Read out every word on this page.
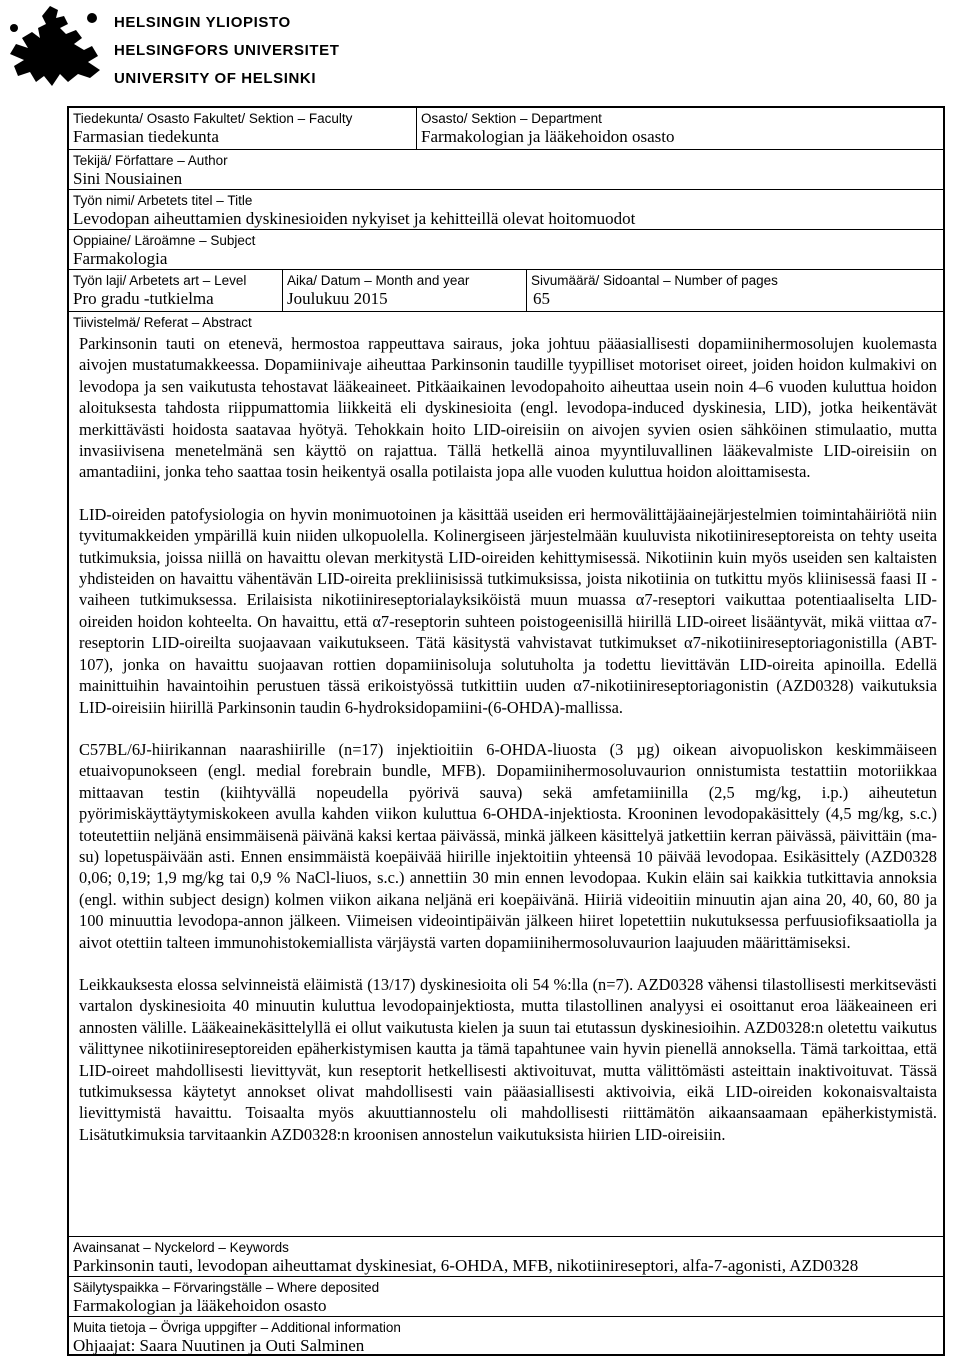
HELSINGIN YLIOPISTO
HELSINGFORS UNIVERSITET
UNIVERSITY OF HELSINKI
Tiedekunta/ Osasto Fakultet/ Sektion – Faculty
Farmasian tiedekunta
Osasto/ Sektion – Department
Farmakologian ja lääkehoidon osasto
Tekijä/ Författare – Author
Sini Nousiainen
Työn nimi/ Arbetets titel – Title
Levodopan aiheuttamien dyskinesioiden nykyiset ja kehitteillä olevat hoitomuodot
Oppiaine/ Läroämne – Subject
Farmakologia
Työn laji/ Arbetets art – Level
Pro gradu -tutkielma
Aika/ Datum – Month and year
Joulukuu 2015
Sivumäärä/ Sidoantal – Number of pages
65
Tiivistelmä/ Referat – Abstract

Parkinsonin tauti on etenevä, hermostoa rappeuttava sairaus, joka johtuu pääasiallisesti dopamiinihermosolujen kuolemasta aivojen mustatumakkeessa. Dopamiinivaje aiheuttaa Parkinsonin taudille tyypilliset motoriset oireet, joiden hoidon kulmakivi on levodopa ja sen vaikutusta tehostavat lääkeaineet. Pitkäaikainen levodopahoito aiheuttaa usein noin 4–6 vuoden kuluttua hoidon aloituksesta tahdosta riippumattomia liikkeitä eli dyskinesioita (engl. levodopa-induced dyskinesia, LID), jotka heikentävät merkittävästi hoidosta saatavaa hyötyä. Tehokkain hoito LID-oireisiin on aivojen syvien osien sähköinen stimulaatio, mutta invasiivisena menetelmänä sen käyttö on rajattua. Tällä hetkellä ainoa myyntiluvallinen lääkevalmiste LID-oireisiin on amantadiini, jonka teho saattaa tosin heikentyä osalla potilaista jopa alle vuoden kuluttua hoidon aloittamisesta.

LID-oireiden patofysiologia on hyvin monimuotoinen ja käsittää useiden eri hermovälittäjäainejärjestelmien toimintahäiriötä niin tyvitumakkeiden ympärillä kuin niiden ulkopuolella. Kolinergiseen järjestelmään kuuluvista nikotiinireseptoreista on tehty useita tutkimuksia, joissa niillä on havaittu olevan merkitystä LID-oireiden kehittymisessä. Nikotiinin kuin myös useiden sen kaltaisten yhdisteiden on havaittu vähentävän LID-oireita prekliinisissä tutkimuksissa, joista nikotiinia on tutkittu myös kliinisessä faasi II -vaiheen tutkimuksessa. Erilaisista nikotiinireseptorialayksiköistä muun muassa α7-reseptori vaikuttaa potentiaaliselta LID-oireiden hoidon kohteelta. On havaittu, että α7-reseptorin suhteen poistogeenisillä hiirillä LID-oireet lisääntyvät, mikä viittaa α7-reseptorin LID-oireilta suojaavaan vaikutukseen. Tätä käsitystä vahvistavat tutkimukset α7-nikotiinireseptoriagonistilla (ABT-107), jonka on havaittu suojaavan rottien dopamiinisoluja solutuholta ja todettu lievittävän LID-oireita apinoilla. Edellä mainittuihin havaintoihin perustuen tässä erikoistyössä tutkittiin uuden α7-nikotiinireseptoriagonistin (AZD0328) vaikutuksia LID-oireisiin hiirillä Parkinsonin taudin 6-hydroksidopamiini-(6-OHDA)-mallissa.

C57BL/6J-hiirikannan naarashiirille (n=17) injektioitiin 6-OHDA-liuosta (3 µg) oikean aivopuoliskon keskimmäiseen etuaivopunokseen (engl. medial forebrain bundle, MFB). Dopamiinihermosoluvaurion onnistumista testattiin motoriikkaa mittaavan testin (kiihtyvällä nopeudella pyörivä sauva) sekä amfetamiinilla (2,5 mg/kg, i.p.) aiheutetun pyörimiskäyttäytymiskokeen avulla kahden viikon kuluttua 6-OHDA-injektiosta. Krooninen levodopakäsittely (4,5 mg/kg, s.c.) toteutettiin neljänä ensimmäisenä päivänä kaksi kertaa päivässä, minkä jälkeen käsittelyä jatkettiin kerran päivässä, päivittäin (ma-su) lopetuspäivään asti. Ennen ensimmäistä koepäivää hiirille injektoitiin yhteensä 10 päivää levodopaa. Esikäsittely (AZD0328 0,06; 0,19; 1,9 mg/kg tai 0,9 % NaCl-liuos, s.c.) annettiin 30 min ennen levodopaa. Kukin eläin sai kaikkia tutkittavia annoksia (engl. within subject design) kolmen viikon aikana neljänä eri koepäivänä. Hiiriä videoitiin minuutin ajan aina 20, 40, 60, 80 ja 100 minuuttia levodopa-annon jälkeen. Viimeisen videointipäivän jälkeen hiiret lopetettiin nukutuksessa perfuusiofiksaatiolla ja aivot otettiin talteen immunohistokemiallista värjäystä varten dopamiinihermosoluvaurion laajuuden määrittämiseksi.

Leikkauksesta elossa selvinneistä eläimistä (13/17) dyskinesioita oli 54 %:lla (n=7). AZD0328 vähensi tilastollisesti merkitsevästi vartalon dyskinesioita 40 minuutin kuluttua levodopainjektiosta, mutta tilastollinen analyysi ei osoittanut eroa lääkeaineen eri annosten välille. Lääkeainekäsittelyllä ei ollut vaikutusta kielen ja suun tai etutassun dyskinesioihin. AZD0328:n oletettu vaikutus välittynee nikotiinireseptoreiden epäherkistymisen kautta ja tämä tapahtunee vain hyvin pienellä annoksella. Tämä tarkoittaa, että LID-oireet mahdollisesti lievittyvät, kun reseptorit hetkellisesti aktivoituvat, mutta välittömästi asteittain inaktivoituvat. Tässä tutkimuksessa käytetyt annokset olivat mahdollisesti vain pääasiallisesti aktivoivia, eikä LID-oireiden kokonaisvaltaista lievittymistä havaittu. Toisaalta myös akuuttiannostelu oli mahdollisesti riittämätön aikaansaamaan epäherkistymistä. Lisätutkimuksia tarvitaankin AZD0328:n kroonisen annostelun vaikutuksista hiirien LID-oireisiin.

Avainsanat – Nyckelord – Keywords
Parkinsonin tauti, levodopan aiheuttamat dyskinesiat, 6-OHDA, MFB, nikotiinireseptori, alfa-7-agonisti, AZD0328
Säilytyspaikka – Förvaringställe – Where deposited
Farmakologian ja lääkehoidon osasto
Muita tietoja – Övriga uppgifter – Additional information
Ohjaajat: Saara Nuutinen ja Outi Salminen
